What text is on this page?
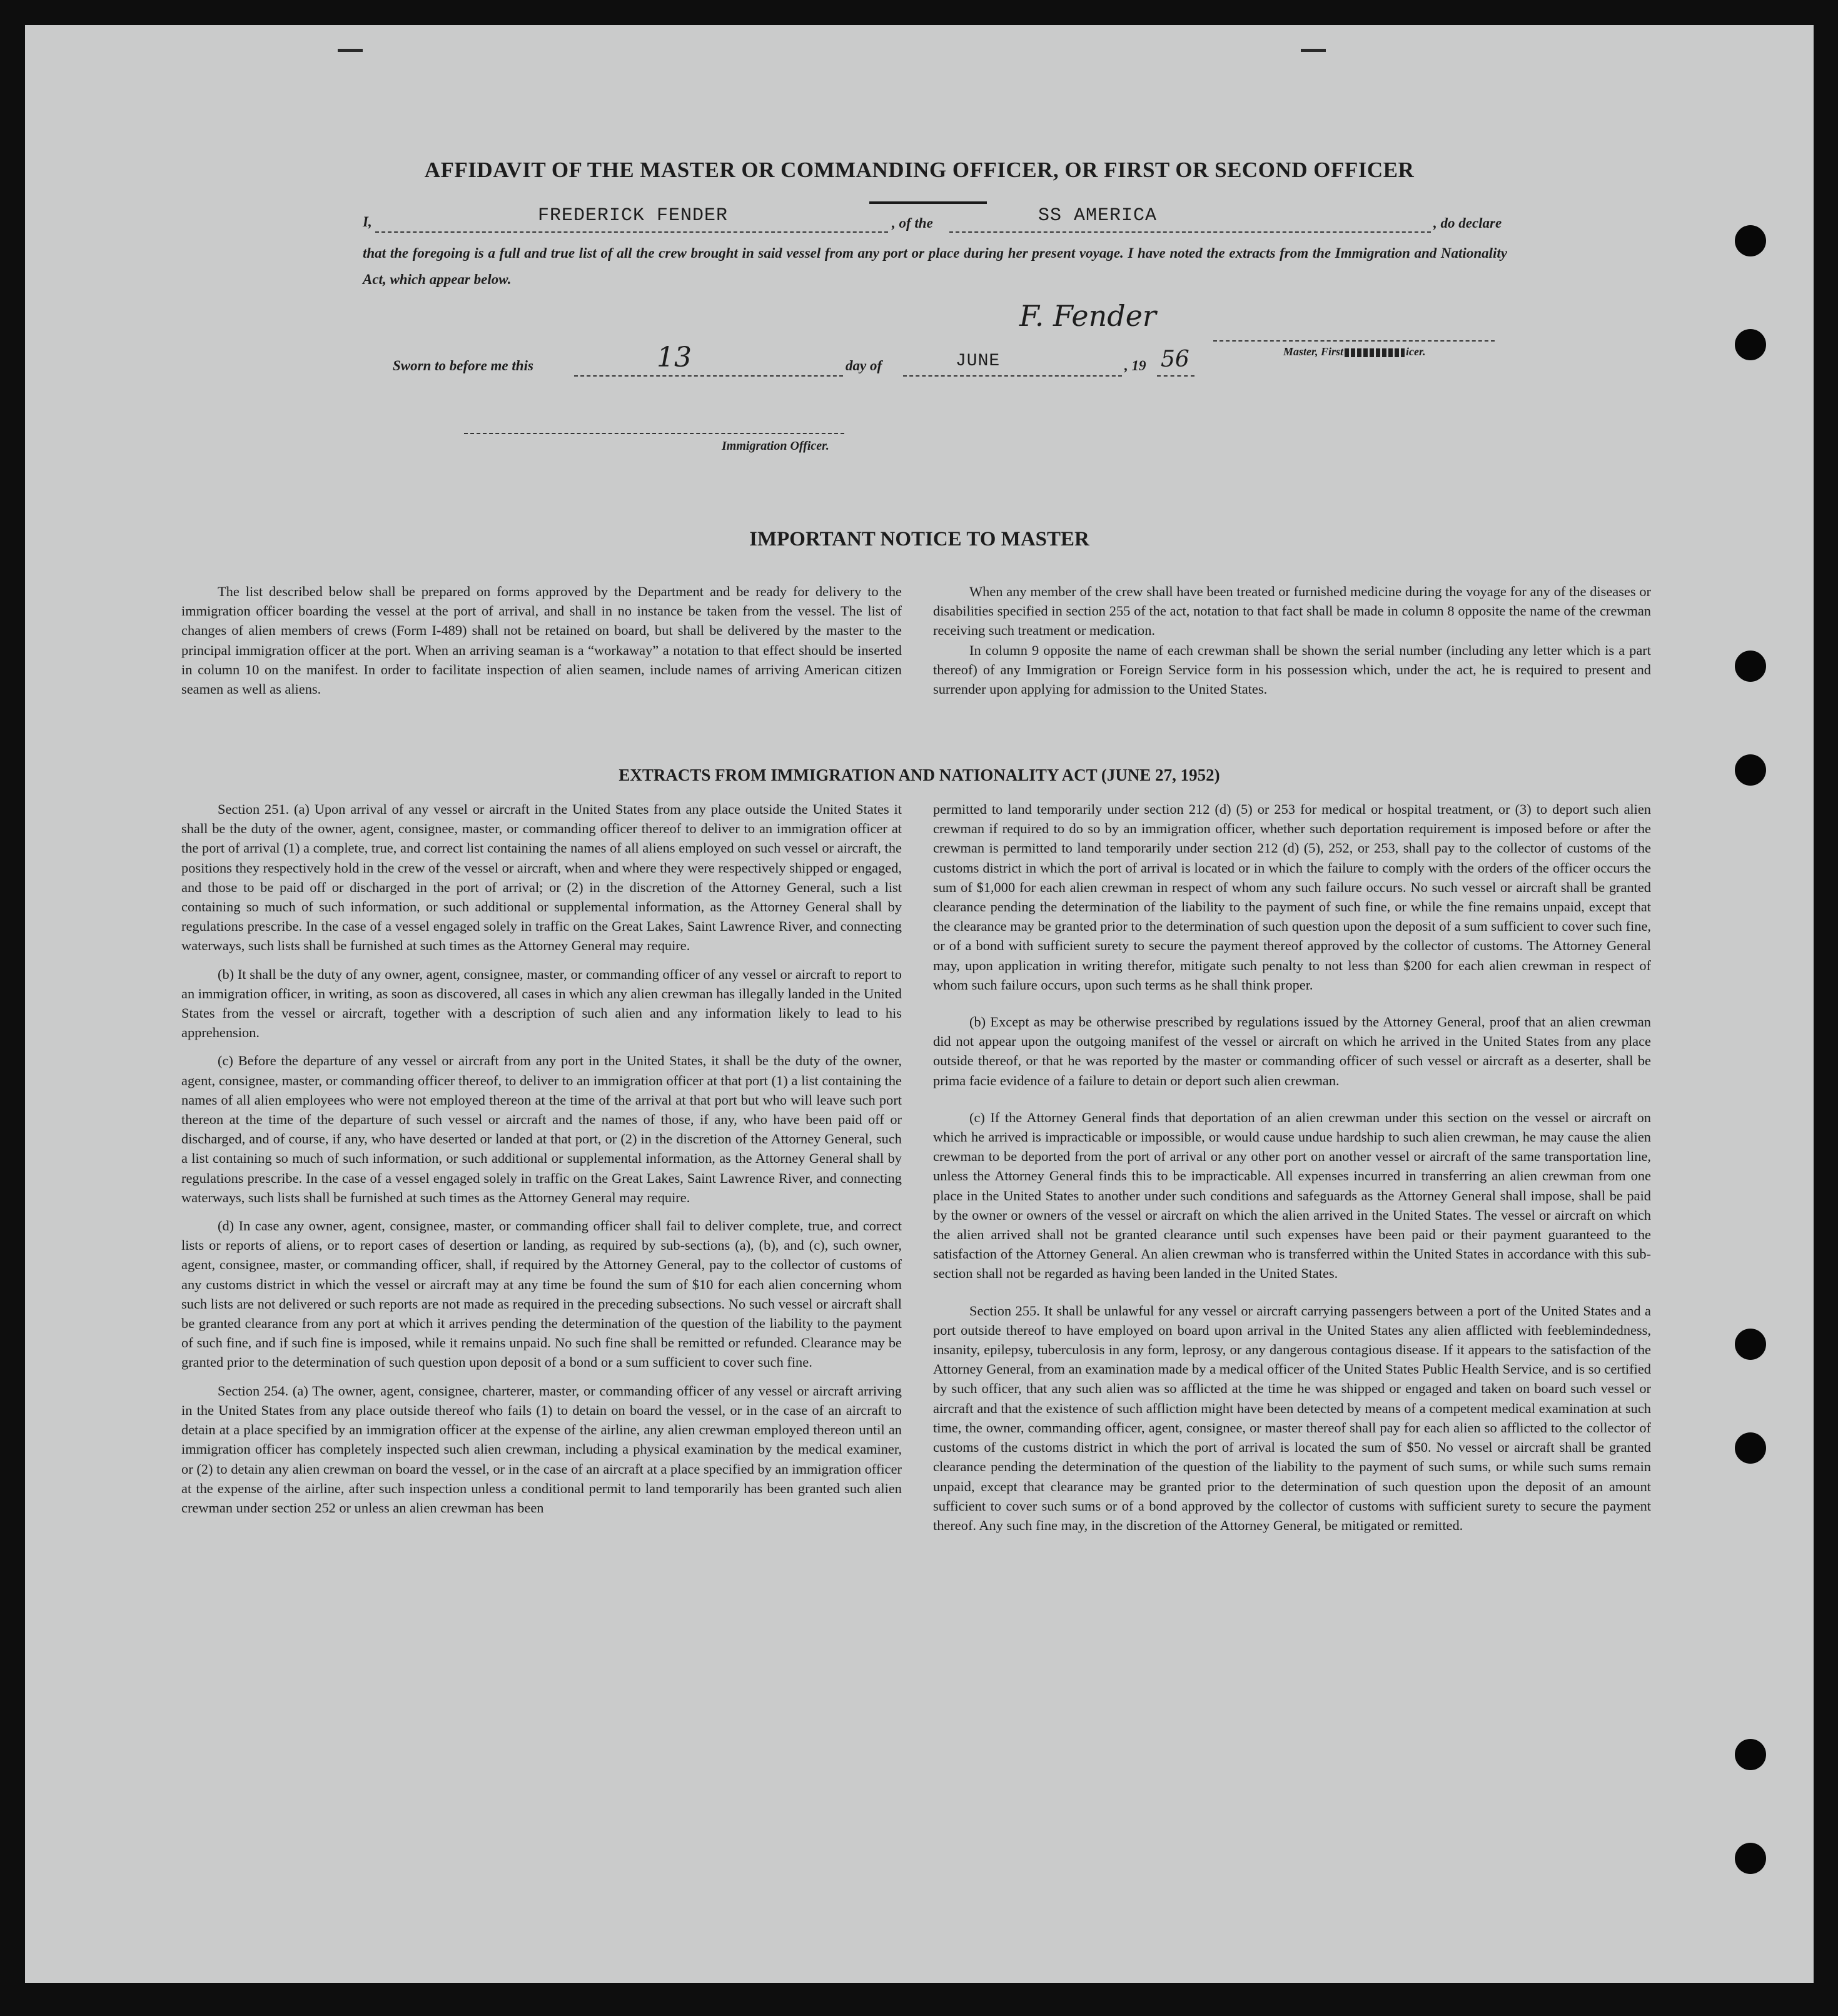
AFFIDAVIT OF THE MASTER OR COMMANDING OFFICER, OR FIRST OR SECOND OFFICER
I,	FREDERICK FENDER	, of the	SS AMERICA	, do declare
that the foregoing is a full and true list of all the crew brought in said vessel from any port or place during her present voyage. I have noted the extracts from the Immigration and Nationality Act, which appear below.
F. Fender
Master, First	icer.
Sworn to before me this	13	day of	JUNE	, 19 56
Immigration Officer.
IMPORTANT NOTICE TO MASTER

The list described below shall be prepared on forms approved by the Department and be ready for delivery to the immigration officer boarding the vessel at the port of arrival, and shall in no instance be taken from the vessel. The list of changes of alien members of crews (Form I-489) shall not be retained on board, but shall be delivered by the master to the principal immigration officer at the port. When an arriving seaman is a “workaway” a notation to that effect should be inserted in column 10 on the manifest. In order to facilitate inspection of alien seamen, include names of arriving American citizen seamen as well as aliens.

When any member of the crew shall have been treated or furnished medicine during the voyage for any of the diseases or disabilities specified in section 255 of the act, notation to that fact shall be made in column 8 opposite the name of the crewman receiving such treatment or medication.

In column 9 opposite the name of each crewman shall be shown the serial number (including any letter which is a part thereof) of any Immigration or Foreign Service form in his possession which, under the act, he is required to present and surrender upon applying for admission to the United States.

EXTRACTS FROM IMMIGRATION AND NATIONALITY ACT (JUNE 27, 1952)

Section 251. (a) Upon arrival of any vessel or aircraft in the United States from any place outside the United States it shall be the duty of the owner, agent, consignee, master, or commanding officer thereof to deliver to an immigration officer at the port of arrival (1) a complete, true, and correct list containing the names of all aliens employed on such vessel or aircraft, the positions they respectively hold in the crew of the vessel or aircraft, when and where they were respectively shipped or engaged, and those to be paid off or discharged in the port of arrival; or (2) in the discretion of the Attorney General, such a list containing so much of such information, or such additional or supplemental information, as the Attorney General shall by regulations prescribe. In the case of a vessel engaged solely in traffic on the Great Lakes, Saint Lawrence River, and connecting waterways, such lists shall be furnished at such times as the Attorney General may require.

(b) It shall be the duty of any owner, agent, consignee, master, or commanding officer of any vessel or aircraft to report to an immigration officer, in writing, as soon as discovered, all cases in which any alien crewman has illegally landed in the United States from the vessel or aircraft, together with a description of such alien and any information likely to lead to his apprehension.

(c) Before the departure of any vessel or aircraft from any port in the United States, it shall be the duty of the owner, agent, consignee, master, or commanding officer thereof, to deliver to an immigration officer at that port (1) a list containing the names of all alien employees who were not employed thereon at the time of the arrival at that port but who will leave such port thereon at the time of the departure of such vessel or aircraft and the names of those, if any, who have been paid off or discharged, and of course, if any, who have deserted or landed at that port, or (2) in the discretion of the Attorney General, such a list containing so much of such information, or such additional or supplemental information, as the Attorney General shall by regulations prescribe. In the case of a vessel engaged solely in traffic on the Great Lakes, Saint Lawrence River, and connecting waterways, such lists shall be furnished at such times as the Attorney General may require.

(d) In case any owner, agent, consignee, master, or commanding officer shall fail to deliver complete, true, and correct lists or reports of aliens, or to report cases of desertion or landing, as required by sub-sections (a), (b), and (c), such owner, agent, consignee, master, or commanding officer, shall, if required by the Attorney General, pay to the collector of customs of any customs district in which the vessel or aircraft may at any time be found the sum of $10 for each alien concerning whom such lists are not delivered or such reports are not made as required in the preceding subsections. No such vessel or aircraft shall be granted clearance from any port at which it arrives pending the determination of the question of the liability to the payment of such fine, and if such fine is imposed, while it remains unpaid. No such fine shall be remitted or refunded. Clearance may be granted prior to the determination of such question upon deposit of a bond or a sum sufficient to cover such fine.

Section 254. (a) The owner, agent, consignee, charterer, master, or commanding officer of any vessel or aircraft arriving in the United States from any place outside thereof who fails (1) to detain on board the vessel, or in the case of an aircraft to detain at a place specified by an immigration officer at the expense of the airline, any alien crewman employed thereon until an immigration officer has completely inspected such alien crewman, including a physical examination by the medical examiner, or (2) to detain any alien crewman on board the vessel, or in the case of an aircraft at a place specified by an immigration officer at the expense of the airline, after such inspection unless a conditional permit to land temporarily has been granted such alien crewman under section 252 or unless an alien crewman has been

permitted to land temporarily under section 212 (d) (5) or 253 for medical or hospital treatment, or (3) to deport such alien crewman if required to do so by an immigration officer, whether such deportation requirement is imposed before or after the crewman is permitted to land temporarily under section 212 (d) (5), 252, or 253, shall pay to the collector of customs of the customs district in which the port of arrival is located or in which the failure to comply with the orders of the officer occurs the sum of $1,000 for each alien crewman in respect of whom any such failure occurs. No such vessel or aircraft shall be granted clearance pending the determination of the liability to the payment of such fine, or while the fine remains unpaid, except that the clearance may be granted prior to the determination of such question upon the deposit of a sum sufficient to cover such fine, or of a bond with sufficient surety to secure the payment thereof approved by the collector of customs. The Attorney General may, upon application in writing therefor, mitigate such penalty to not less than $200 for each alien crewman in respect of whom such failure occurs, upon such terms as he shall think proper.

(b) Except as may be otherwise prescribed by regulations issued by the Attorney General, proof that an alien crewman did not appear upon the outgoing manifest of the vessel or aircraft on which he arrived in the United States from any place outside thereof, or that he was reported by the master or commanding officer of such vessel or aircraft as a deserter, shall be prima facie evidence of a failure to detain or deport such alien crewman.

(c) If the Attorney General finds that deportation of an alien crewman under this section on the vessel or aircraft on which he arrived is impracticable or impossible, or would cause undue hardship to such alien crewman, he may cause the alien crewman to be deported from the port of arrival or any other port on another vessel or aircraft of the same transportation line, unless the Attorney General finds this to be impracticable. All expenses incurred in transferring an alien crewman from one place in the United States to another under such conditions and safeguards as the Attorney General shall impose, shall be paid by the owner or owners of the vessel or aircraft on which the alien arrived in the United States. The vessel or aircraft on which the alien arrived shall not be granted clearance until such expenses have been paid or their payment guaranteed to the satisfaction of the Attorney General. An alien crewman who is transferred within the United States in accordance with this sub-section shall not be regarded as having been landed in the United States.

Section 255. It shall be unlawful for any vessel or aircraft carrying passengers between a port of the United States and a port outside thereof to have employed on board upon arrival in the United States any alien afflicted with feeblemindedness, insanity, epilepsy, tuberculosis in any form, leprosy, or any dangerous contagious disease. If it appears to the satisfaction of the Attorney General, from an examination made by a medical officer of the United States Public Health Service, and is so certified by such officer, that any such alien was so afflicted at the time he was shipped or engaged and taken on board such vessel or aircraft and that the existence of such affliction might have been detected by means of a competent medical examination at such time, the owner, commanding officer, agent, consignee, or master thereof shall pay for each alien so afflicted to the collector of customs of the customs district in which the port of arrival is located the sum of $50. No vessel or aircraft shall be granted clearance pending the determination of the question of the liability to the payment of such sums, or while such sums remain unpaid, except that clearance may be granted prior to the determination of such question upon the deposit of an amount sufficient to cover such sums or of a bond approved by the collector of customs with sufficient surety to secure the payment thereof. Any such fine may, in the discretion of the Attorney General, be mitigated or remitted.
